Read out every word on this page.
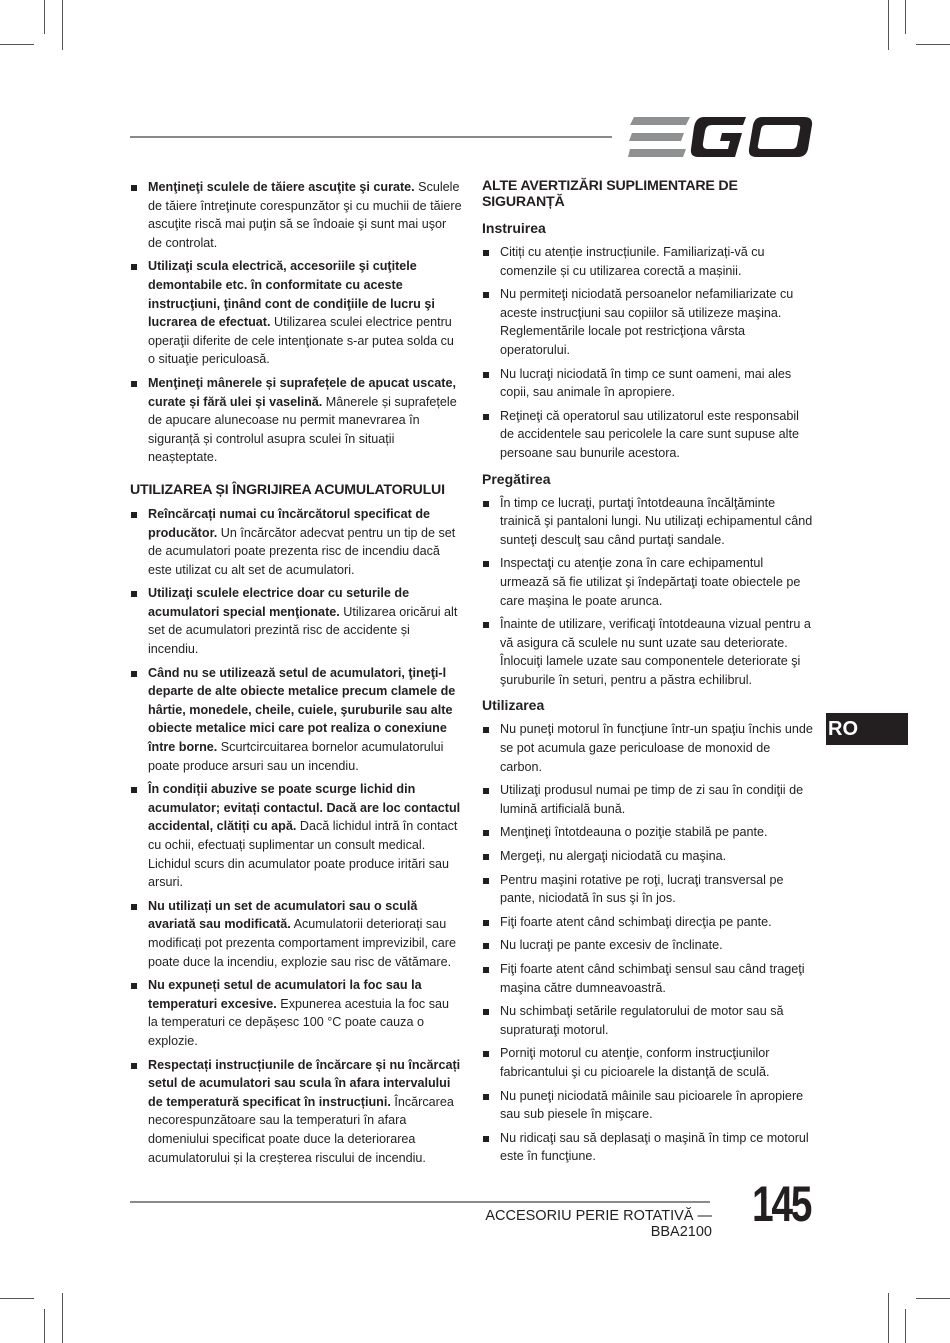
Menţineţi sculele de tăiere ascuţite şi curate. Sculele de tăiere întreţinute corespunzător şi cu muchii de tăiere ascuţite riscă mai puţin să se îndoaie şi sunt mai uşor de controlat.
Utilizaţi scula electrică, accesoriile şi cuţitele demontabile etc. în conformitate cu aceste instrucţiuni, ţinând cont de condiţiile de lucru şi lucrarea de efectuat. Utilizarea sculei electrice pentru operaţii diferite de cele intenţionate s-ar putea solda cu o situaţie periculoasă.
Menţineţi mânerele și suprafețele de apucat uscate, curate și fără ulei și vaselină. Mânerele și suprafețele de apucare alunecoase nu permit manevrarea în siguranță și controlul asupra sculei în situații neașteptate.
UTILIZAREA ȘI ÎNGRIJIREA ACUMULATORULUI
Reîncărcați numai cu încărcătorul specificat de producător. Un încărcător adecvat pentru un tip de set de acumulatori poate prezenta risc de incendiu dacă este utilizat cu alt set de acumulatori.
Utilizaţi sculele electrice doar cu seturile de acumulatori special menţionate. Utilizarea oricărui alt set de acumulatori prezintă risc de accidente și incendiu.
Când nu se utilizează setul de acumulatori, ţineţi-l departe de alte obiecte metalice precum clamele de hârtie, monedele, cheile, cuiele, şuruburile sau alte obiecte metalice mici care pot realiza o conexiune între borne. Scurtcircuitarea bornelor acumulatorului poate produce arsuri sau un incendiu.
În condiții abuzive se poate scurge lichid din acumulator; evitați contactul. Dacă are loc contactul accidental, clătiți cu apă. Dacă lichidul intră în contact cu ochii, efectuați suplimentar un consult medical. Lichidul scurs din acumulator poate produce iritări sau arsuri.
Nu utilizați un set de acumulatori sau o sculă avariată sau modificată. Acumulatorii deteriorați sau modificați pot prezenta comportament imprevizibil, care poate duce la incendiu, explozie sau risc de vătămare.
Nu expuneți setul de acumulatori la foc sau la temperaturi excesive. Expunerea acestuia la foc sau la temperaturi ce depășesc 100 °C poate cauza o explozie.
Respectați instrucțiunile de încărcare și nu încărcați setul de acumulatori sau scula în afara intervalului de temperatură specificat în instrucțiuni. Încărcarea necorespunzătoare sau la temperaturi în afara domeniului specificat poate duce la deteriorarea acumulatorului și la creșterea riscului de incendiu.
ALTE AVERTIZĂRI SUPLIMENTARE DE SIGURANȚĂ
Instruirea
Citiți cu atenție instrucțiunile. Familiarizați-vă cu comenzile și cu utilizarea corectă a mașinii.
Nu permiteţi niciodată persoanelor nefamiliarizate cu aceste instrucţiuni sau copiilor să utilizeze maşina. Reglementările locale pot restricţiona vârsta operatorului.
Nu lucraţi niciodată în timp ce sunt oameni, mai ales copii, sau animale în apropiere.
Reţineţi că operatorul sau utilizatorul este responsabil de accidentele sau pericolele la care sunt supuse alte persoane sau bunurile acestora.
Pregătirea
În timp ce lucraţi, purtaţi întotdeauna încălţăminte trainică şi pantaloni lungi. Nu utilizaţi echipamentul când sunteţi desculţ sau când purtaţi sandale.
Inspectaţi cu atenţie zona în care echipamentul urmează să fie utilizat şi îndepărtaţi toate obiectele pe care maşina le poate arunca.
Înainte de utilizare, verificaţi întotdeauna vizual pentru a vă asigura că sculele nu sunt uzate sau deteriorate. Înlocuiţi lamele uzate sau componentele deteriorate şi şuruburile în seturi, pentru a păstra echilibrul.
Utilizarea
Nu puneţi motorul în funcţiune într-un spaţiu închis unde se pot acumula gaze periculoase de monoxid de carbon.
Utilizaţi produsul numai pe timp de zi sau în condiţii de lumină artificială bună.
Menţineţi întotdeauna o poziţie stabilă pe pante.
Mergeţi, nu alergaţi niciodată cu maşina.
Pentru maşini rotative pe roţi, lucraţi transversal pe pante, niciodată în sus şi în jos.
Fiţi foarte atent când schimbaţi direcţia pe pante.
Nu lucraţi pe pante excesiv de înclinate.
Fiţi foarte atent când schimbaţi sensul sau când trageţi maşina către dumneavoastră.
Nu schimbaţi setările regulatorului de motor sau să supraturaţi motorul.
Porniţi motorul cu atenţie, conform instrucţiunilor fabricantului şi cu picioarele la distanţă de sculă.
Nu puneţi niciodată mâinile sau picioarele în apropiere sau sub piesele în mişcare.
Nu ridicaţi sau să deplasaţi o maşină în timp ce motorul este în funcţiune.
RO
ACCESORIU PERIE ROTATIVĂ — BBA2100 145
